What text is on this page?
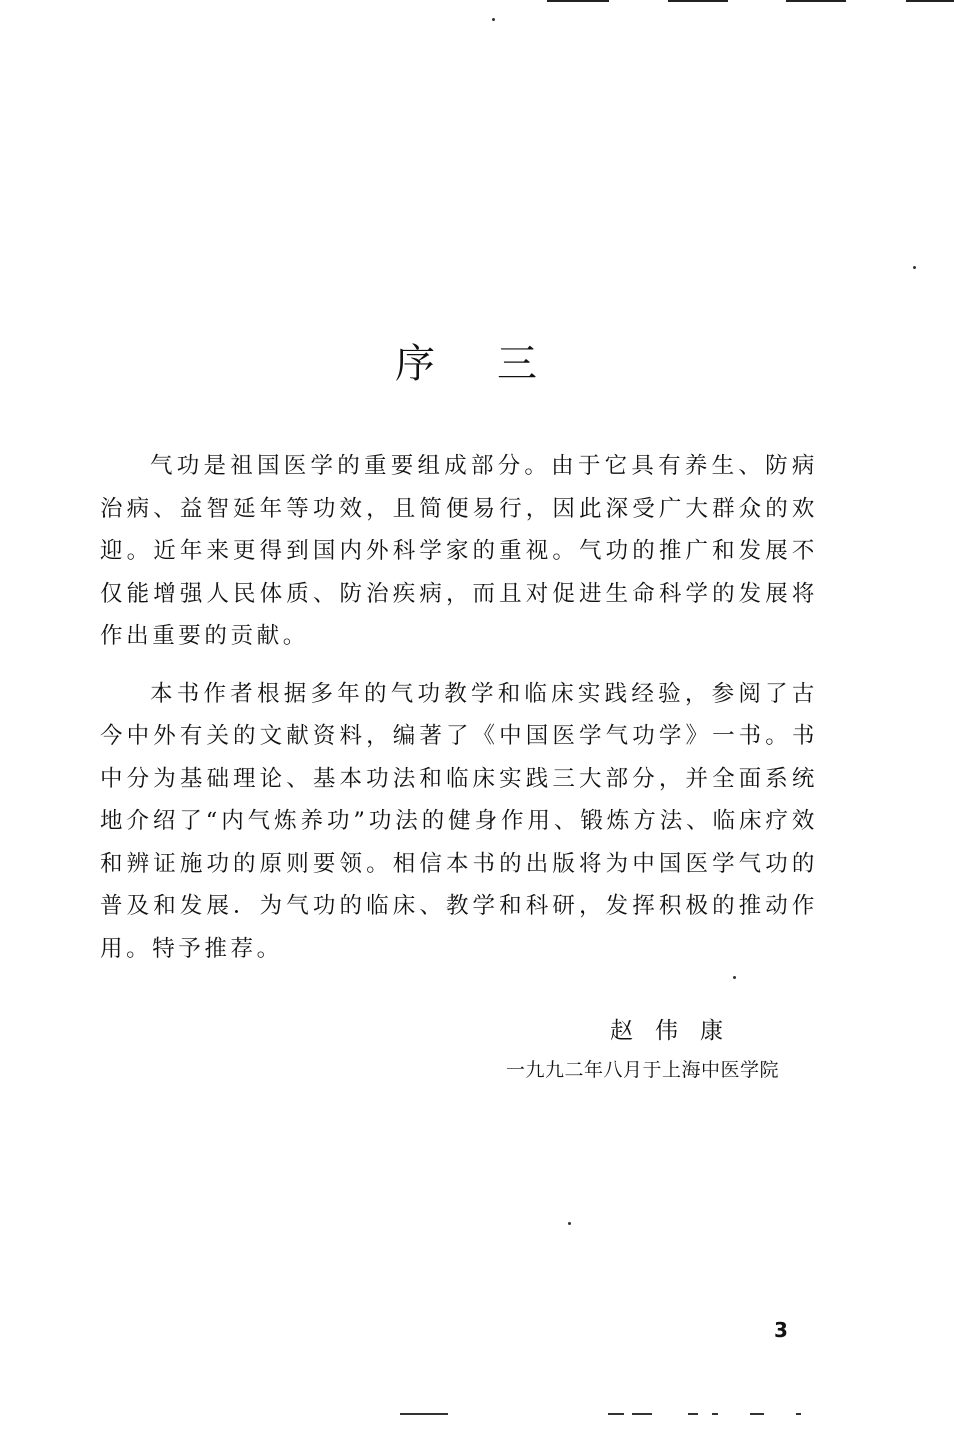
序三

气功是祖国医学的重要组成部分。由于它具有养生、防病治病、益智延年等功效，且简便易行，因此深受广大群众的欢迎。近年来更得到国内外科学家的重视。气功的推广和发展不仅能增强人民体质、防治疾病，而且对促进生命科学的发展将作出重要的贡献。

本书作者根据多年的气功教学和临床实践经验，参阅了古今中外有关的文献资料，编著了《中国医学气功学》一书。书中分为基础理论、基本功法和临床实践三大部分，并全面系统地介绍了“内气炼养功”功法的健身作用、锻炼方法、临床疗效和辨证施功的原则要领。相信本书的出版将为中国医学气功的普及和发展．为气功的临床、教学和科研，发挥积极的推动作用。特予推荐。

赵伟康
一九九二年八月于上海中医学院
3
